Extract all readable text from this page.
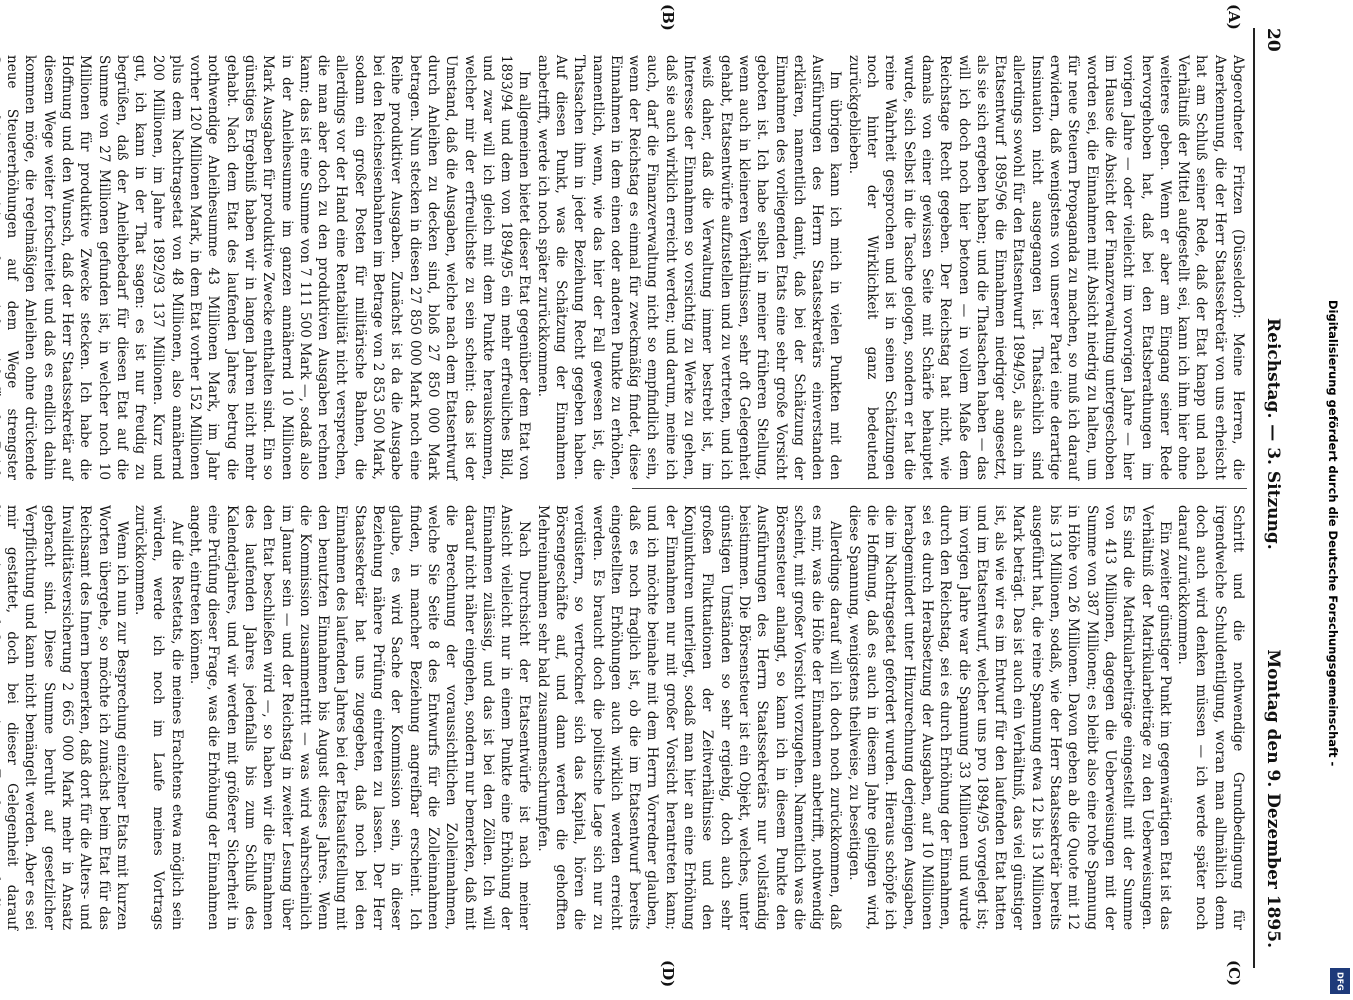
20
Reichstag. — 3. Sitzung.
Montag den 9. Dezember 1895.
(A)
(B)
(C)
(D)

Abgeordneter Fritzen (Düsseldorf): Meine Herren, die Anerkennung, die der Herr Staatssekretär von uns erheischt hat am Schluß seiner Rede, daß der Etat knapp und nach Verhältniß der Mittel aufgestellt sei, kann ich ihm hier ohne weiteres geben. Wenn er aber am Eingang seiner Rede hervorgehoben hat, daß bei den Etatsberathungen im vorigen Jahre — oder vielleicht im vorvorigen Jahre — hier im Hause die Absicht der Finanzverwaltung untergeschoben worden sei, die Einnahmen mit Absicht niedrig zu halten, um für neue Steuern Propaganda zu machen, so muß ich darauf erwidern, daß wenigstens von unserer Partei eine derartige Insinuation nicht ausgegangen ist. Thatsächlich sind allerdings sowohl für den Etatsentwurf 1894/95, als auch im Etatsentwurf 1895/96 die Einnahmen niedriger angesetzt, als sie sich ergeben haben; und die Thatsachen haben — das will ich doch noch hier betonen — in vollem Maße dem Reichstage Recht gegeben. Der Reichstag hat nicht, wie damals von einer gewissen Seite mit Schärfe behauptet wurde, sich Selbst in die Tasche gelogen, sondern er hat die reine Wahrheit gesprochen und ist in seinen Schätzungen noch hinter der Wirklichkeit ganz bedeutend zurückgeblieben.

Im übrigen kann ich mich in vielen Punkten mit den Ausführungen des Herrn Staatssekretärs einverstanden erklären, namentlich damit, daß bei der Schätzung der Einnahmen des vorliegenden Etats eine sehr große Vorsicht geboten ist. Ich habe selbst in meiner früheren Stellung, wenn auch in kleineren Verhältnissen, sehr oft Gelegenheit gehabt, Etatsentwürfe aufzustellen und zu vertreten, und ich weiß daher, daß die Verwaltung immer bestrebt ist, im Interesse der Einnahmen so vorsichtig zu Werke zu gehen, daß sie auch wirklich erreicht werden; und darum, meine ich auch, darf die Finanzverwaltung nicht so empfindlich sein, wenn der Reichstag es einmal für zweckmäßig findet, diese Einnahmen in dem einen oder anderen Punkte zu erhöhen, namentlich, wenn, wie das hier der Fall gewesen ist, die Thatsachen ihm in jeder Beziehung Recht gegeben haben. Auf diesen Punkt, was die Schätzung der Einnahmen anbetrifft, werde ich noch später zurückkommen.

Im allgemeinen bietet dieser Etat gegenüber dem Etat von 1893/94 und dem von 1894/95 ein mehr erfreuliches Bild, und zwar will ich gleich mit dem Punkte herauskommen, welcher mir der erfreulichste zu sein scheint: das ist der Umstand, daß die Ausgaben, welche nach dem Etatsentwurf durch Anleihen zu decken sind, bloß 27 850 000 Mark betragen. Nun stecken in diesen 27 850 000 Mark noch eine Reihe produktiver Ausgaben. Zunächst ist da die Ausgabe bei den Reichseisenbahnen im Betrage von 2 853 500 Mark, sodann ein großer Posten für militärische Bahnen, die allerdings vor der Hand eine Rentabilität nicht versprechen, die man aber doch zu den produktiven Ausgaben rechnen kann; das ist eine Summe von 7 111 500 Mark —, sodaß also in der Anleihesumme im ganzen annähernd 10 Millionen Mark Ausgaben für produktive Zwecke enthalten sind. Ein so günstiges Ergebniß haben wir in langen Jahren nicht mehr gehabt. Nach dem Etat des laufenden Jahres betrug die nothwendige Anleihesumme 43 Millionen Mark, im Jahr vorher 120 Millionen Mark, in dem Etat vorher 152 Millionen plus dem Nachtragsetat von 48 Millionen, also annähernd 200 Millionen, im Jahre 1892/93 137 Millionen. Kurz und gut, ich kann in der That sagen: es ist nur freudig zu begrüßen, daß der Anleihebedarf für diesen Etat auf die Summe von 27 Millionen gefunden ist, in welcher noch 10 Millionen für produktive Zwecke stecken. Ich habe die Hoffnung und den Wunsch, daß der Herr Staatssekretär auf diesem Wege weiter fortschreitet und daß es endlich dahin kommen möge, die regelmäßigen Anleihen ohne drückende neue Steuererhöhungen auf dem Wege strengster

Schritt und die nothwendige Grundbedingung für irgendwelche Schuldentilgung, woran man allmählich denn doch auch wird denken müssen — ich werde später noch darauf zurückkommen.

Ein zweiter günstiger Punkt im gegenwärtigen Etat ist das Verhältniß der Matrikularbeiträge zu den Ueberweisungen. Es sind die Matrikularbeiträge eingestellt mit der Summe von 413 Millionen, dagegen die Ueberweisungen mit der Summe von 387 Millionen; es bleibt also eine rohe Spannung in Höhe von 26 Millionen. Davon geben ab die Quote mit 12 bis 13 Millionen, sodaß, wie der Herr Staatssekretär bereits ausgeführt hat, die reine Spannung etwa 12 bis 13 Millionen Mark beträgt. Das ist auch ein Verhältniß, das viel günstiger ist, als wie wir es im Entwurf für den laufenden Etat hatten und im Etatsentwurf, welcher uns pro 1894/95 vorgelegt ist; im vorigen Jahre war die Spannung 33 Millionen und wurde durch den Reichstag, sei es durch Erhöhung der Einnahmen, sei es durch Herabsetzung der Ausgaben, auf 10 Millionen herabgemindert unter Hinzurechnung derjenigen Ausgaben, die im Nachtragsetat gefordert wurden. Hieraus schöpfe ich die Hoffnung, daß es auch in diesem Jahre gelingen wird, diese Spannung, wenigstens theilweise, zu beseitigen.

Allerdings darauf will ich doch noch zurückkommen, daß es mir, was die Höhe der Einnahmen anbetrifft, nothwendig scheint, mit großer Vorsicht vorzugehen. Namentlich was die Börsensteuer anlangt, so kann ich in diesem Punkte den Ausführungen des Herrn Staatssekretärs nur vollständig beistimmen. Die Börsensteuer ist ein Objekt, welches, unter günstigen Umständen so sehr ergiebig, doch auch sehr großen Fluktuationen der Zeitverhältnisse und den Konjunkturen unterliegt, sodaß man hier an eine Erhöhung der Einnahmen nur mit großer Vorsicht herantreten kann; und ich möchte beinahe mit dem Herrn Vorredner glauben, daß es noch fraglich ist, ob die im Etatsentwurf bereits eingestellten Erhöhungen auch wirklich werden erreicht werden. Es braucht doch die politische Lage sich nur zu verdüstern, so vertrocknet sich das Kapital, hören die Börsengeschäfte auf, und dann werden die gehofften Mehreinnahmen sehr bald zusammenschrumpfen.

Nach Durchsicht der Etatsentwürfe ist nach meiner Ansicht vielleicht nur in einem Punkte eine Erhöhung der Einnahmen zulässig, und das ist bei den Zöllen. Ich will darauf nicht näher eingehen, sondern nur bemerken, daß mit die Berechnung der voraussichtlichen Zolleinnahmen, welche Sie Seite 8 des Entwurfs für die Zolleinnahmen finden, in mancher Beziehung angreifbar erscheint. Ich glaube, es wird Sache der Kommission sein, in dieser Beziehung nähere Prüfung eintreten zu lassen. Der Herr Staatssekretär hat uns zugegeben, daß noch bei den Einnahmen des laufenden Jahres bei der Etatsaufstellung mit den benutzten Einnahmen bis August dieses Jahres. Wenn die Kommission zusammentritt — was wird wahrscheinlich im Januar sein — und der Reichstag in zweiter Lesung über den Etat beschließen wird —, so haben wir die Einnahmen des laufenden Jahres jedenfalls bis zum Schluß des Kalenderjahres, und wir werden mit größerer Sicherheit in eine Prüfung dieser Frage, was die Erhöhung der Einnahmen angeht, eintreten können.

Auf die Restetats, die meines Erachtens etwa möglich sein würden, werde ich noch im Laufe meines Vortrags zurückkommen.

Wenn ich nun zur Besprechung einzelner Etats mit kurzen Worten übergehe, so möchte ich zunächst beim Etat für das Reichsamt des Innern bemerken, daß dort für die Alters- und Invaliditätsversicherung 2 665 000 Mark mehr in Ansatz gebracht sind. Diese Summe beruht auf gesetzlicher Verpflichtung und kann nicht bemängelt werden. Aber es sei mir gestattet, doch bei dieser Gelegenheit darauf

Digitalisierung gefördert durch die Deutsche Forschungsgemeinschaft -
DFG
